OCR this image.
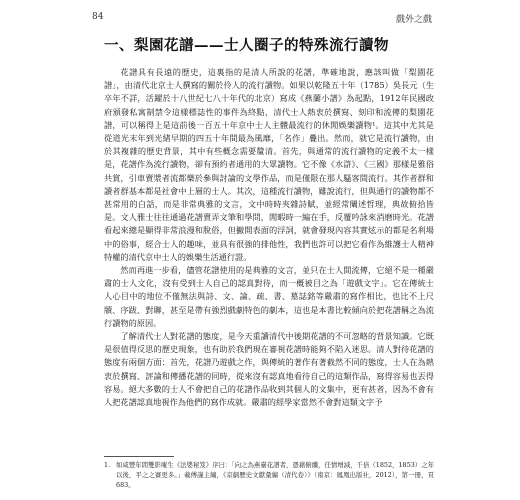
84	戲外之戲
一、梨園花譜——士人圈子的特殊流行讀物

花譜具有長遠的歷史，這裏指的是清人所說的花譜，準確地說，應該叫做「梨園花譜」，由清代北京士人撰寫的關於伶人的流行讀物。如果以乾隆五十年（1785）吳長元（生卒年不詳，活躍於十八世紀七八十年代的北京）寫成《燕蘭小譜》為起點，1912年民國政府頒發私寓制禁令這樣標誌性的事件為終點，清代士人熱衷於撰寫、刻印和流傳的梨園花譜，可以稱得上是這前後一百五十年京中士人主體最流行的休閒娛樂讀物¹。這其中尤其是從道光末年到光緒早期的四五十年間最為風靡，「名作」疊出。然而，就它是流行讀物，由於其複雜的歷史背景，其中有些概念需要釐清。首先，與通常的流行讀物的定義不太一樣是，花譜作為流行讀物，卻有預約者通用的大眾讀物。它不像《水滸》、《三國》那樣是雅俗共賞，引車賣漿者流都樂於參與討論的文學作品，而是僅限在那人騷客間流行。其作者群和讀者群基本都是社會中上層的士人。其次，這種流行讀物，雖說流行，但與通行的讀物都不甚常用的白話，而是非常典雅的文言，文中時時夾雜詩賦，並經常闡述哲理，典故俯拾皆是。文人雅士往往通過花譜賣弄文筆和學問，閒暇時一編在手，反覆吟詠來消磨時光。花譜看起來總是顯得非常浪漫和脫俗，但撇開表面的浮詞，就會發現內容其實炫示的都是名利場中的俗事，經合士人的趣味，並具有很強的排他性，我們也許可以把它看作為維護士人精神特權的清代京中士人的娛樂生活通行證。

然而再進一步看，儘管花譜使用的是典雅的文言，並只在士人間流傳，它絕不是一種嚴肅的士人文化，沒有受到士人自己的認真對待，而一概被目之為「遊戲文字」。它在傳統士人心目中的地位不僅無法與詩、文、論、疏、書、墓誌銘等嚴肅的寫作相比，也比不上尺牘、序跋、對聯，甚至是帶有強烈戲劇特色的劇本，這也是本書比較傾向於把花譜稱之為流行讀物的原因。

了解清代士人對花譜的態度，是今天重讀清代中後期花譜的不可忽略的背景知識。它既是很值得反思的歷史現象，也有助於我們現在審視花譜時能夠不陷入迷思。清人對待花譜的態度有兩個方面：首先，花譜乃遊戲之作，與傳統的著作有著截然不同的態度，士人在為熱衷於撰寫、評論和傳播花譜的同時，從來沒有認真地看待自己的這類作品，寫得容易也丟得容易。絕大多數的士人不會把自己的花譜作品收到其個人的文集中，更有甚者，因為不會有人把花譜認真地視作為他們的寫作成就。嚴肅的經學家當然不會對這類文字予

1. 如咸豐年間雙影庵生《法嬰秘笈》序曰：「向之為燕臺花譜者，憑藉俯纖，任情增減，千倍（1852，1853）之年以後，平之之賽更多。」載傅謹主編，《京劇歷史文獻彙編（清代卷）》（南京：鳳凰出版社，2012），第一冊，頁683。
